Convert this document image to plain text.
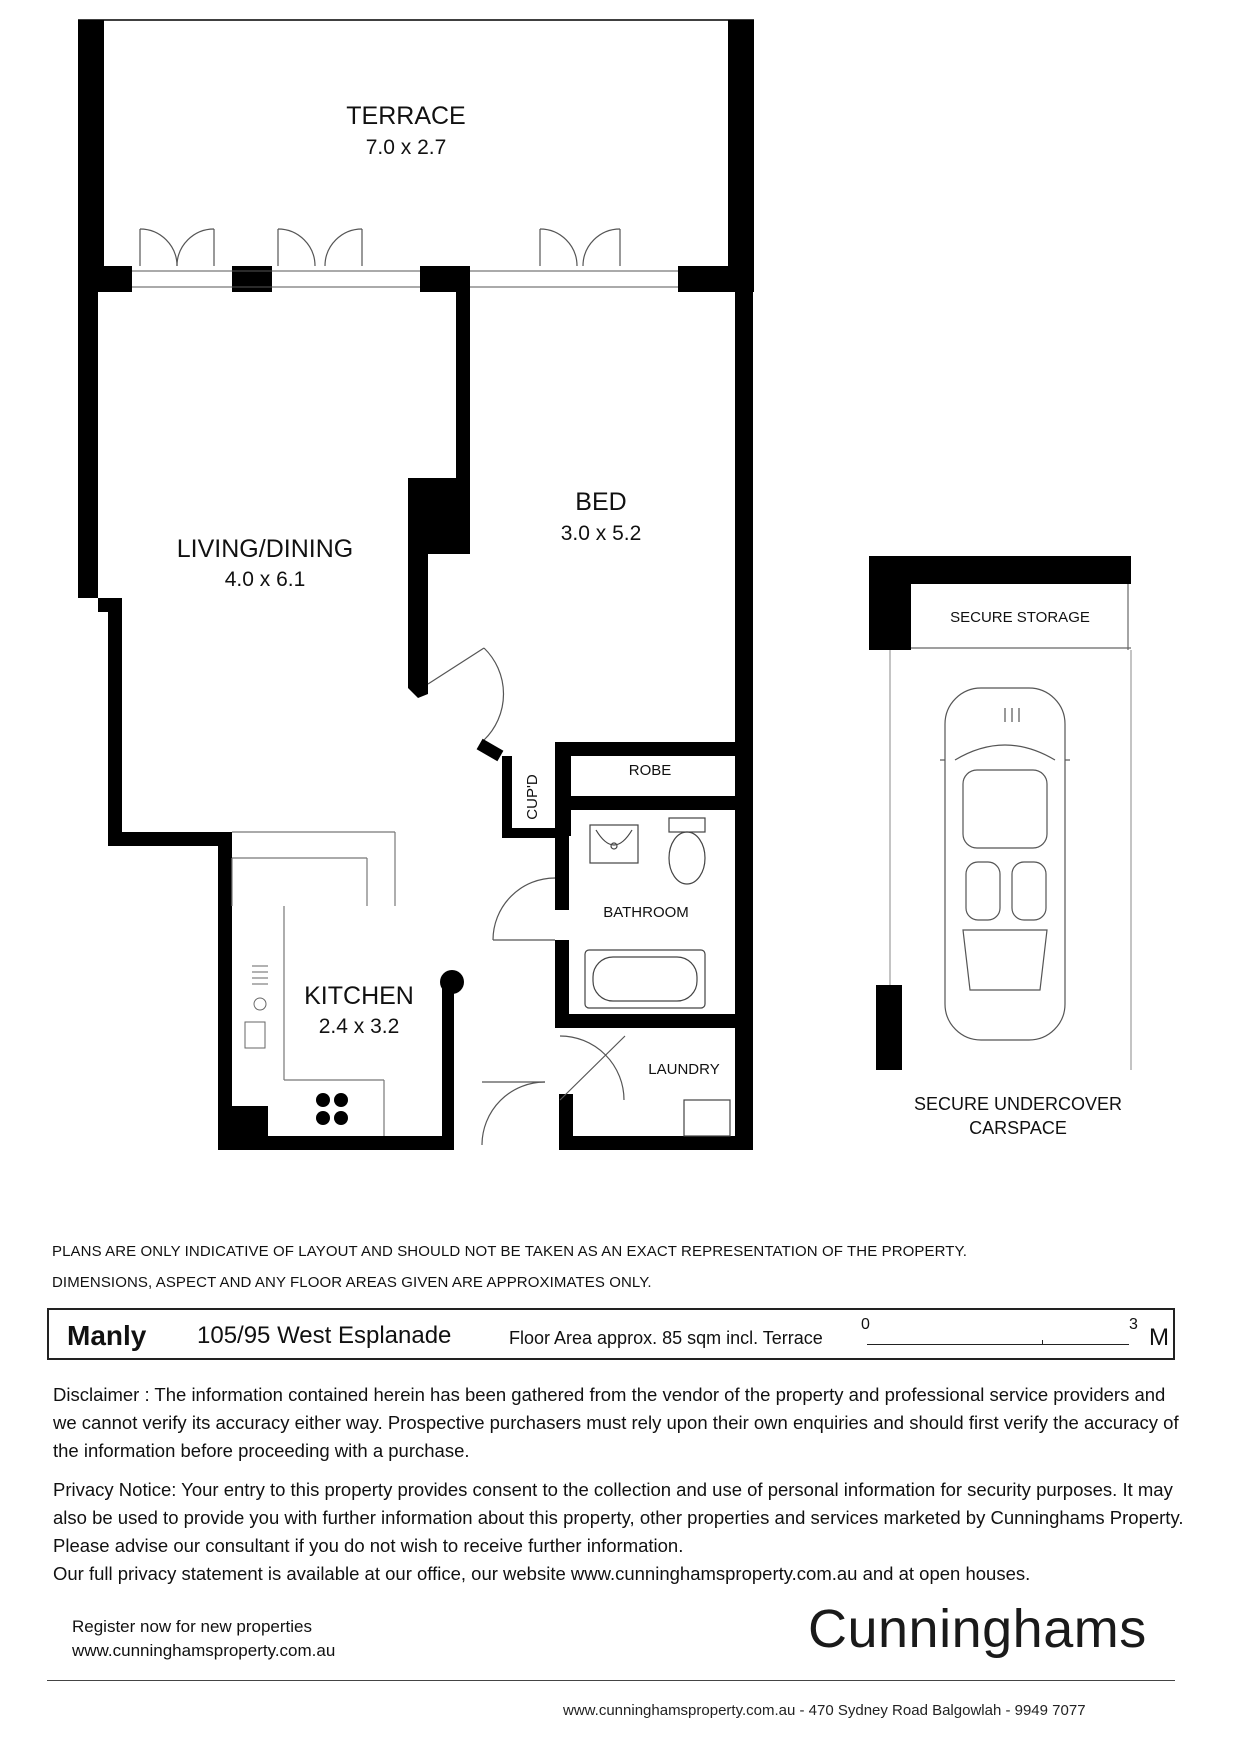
TERRACE
7.0 x 2.7
CUP'D
ROBE
BATHROOM
LAUNDRY
KITCHEN
2.4 x 3.2
LIVING/DINING
4.0 x 6.1
BED
3.0 x 5.2
SECURE STORAGE
SECURE UNDERCOVER
CARSPACE
PLANS ARE ONLY INDICATIVE OF LAYOUT AND SHOULD NOT BE TAKEN AS AN EXACT REPRESENTATION OF THE PROPERTY.
DIMENSIONS, ASPECT AND ANY FLOOR AREAS GIVEN ARE APPROXIMATES ONLY.
Manly 105/95 West Esplanade	Floor Area approx. 85 sqm incl. Terrace
0	3 M

Disclaimer : The information contained herein has been gathered from the vendor of the property and professional service providers and we cannot verify its accuracy either way. Prospective purchasers must rely upon their own enquiries and should first verify the accuracy of the information before proceeding with a purchase.

Privacy Notice: Your entry to this property provides consent to the collection and use of personal information for security purposes. It may also be used to provide you with further information about this property, other properties and services marketed by Cunninghams Property. Please advise our consultant if you do not wish to receive further information.

Our full privacy statement is available at our office, our website www.cunninghamsproperty.com.au and at open houses.

Register now for new properties
www.cunninghamsproperty.com.au	Cunninghams
www.cunninghamsproperty.com.au - 470 Sydney Road Balgowlah - 9949 7077
